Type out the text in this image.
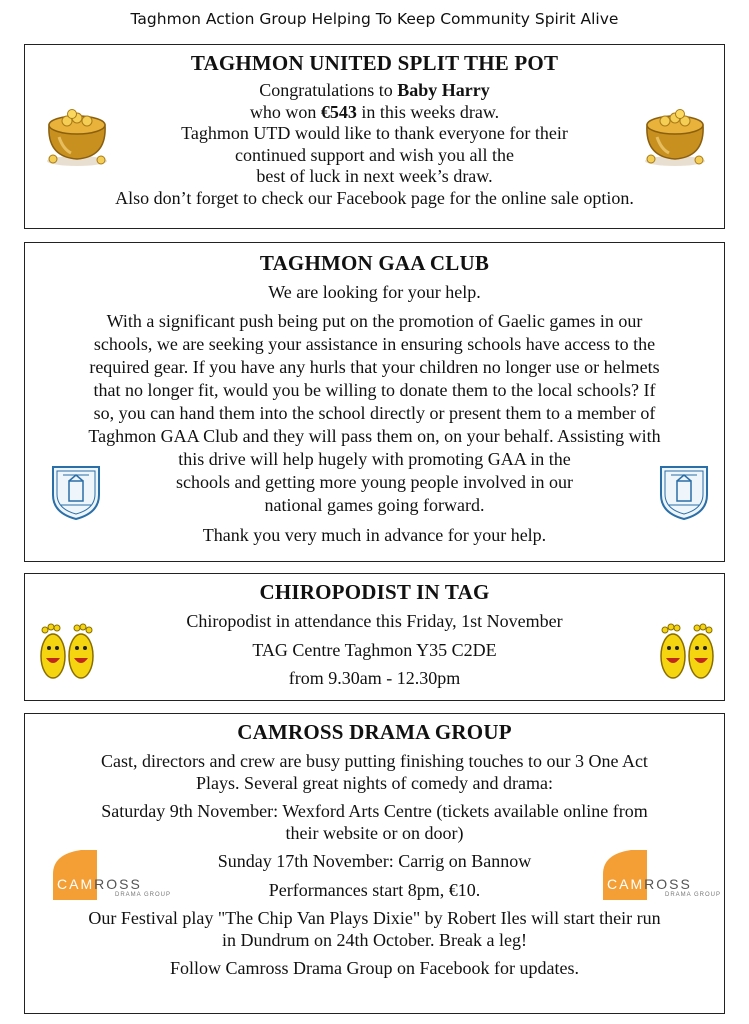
Taghmon Action Group Helping To Keep Community Spirit Alive
TAGHMON UNITED SPLIT THE POT
Congratulations to Baby Harry
who won €543 in this weeks draw.
Taghmon UTD would like to thank everyone for their
continued support and wish you all the
best of luck in next week’s draw.
Also don’t forget to check our Facebook page for the online sale option.
TAGHMON GAA CLUB
We are looking for your help.
With a significant push being put on the promotion of Gaelic games in our
schools, we are seeking your assistance in ensuring schools have access to the
required gear. If you have any hurls that your children no longer use or helmets
that no longer fit, would you be willing to donate them to the local schools? If
so, you can hand them into the school directly or present them to a member of
Taghmon GAA Club and they will pass them on, on your behalf. Assisting with
this drive will help hugely with promoting GAA in the
schools and getting more young people involved in our
national games going forward.
Thank you very much in advance for your help.
CHIROPODIST IN TAG
Chiropodist in attendance this Friday, 1st November
TAG Centre Taghmon Y35 C2DE
from 9.30am - 12.30pm
CAMROSS DRAMA GROUP
Cast, directors and crew are busy putting finishing touches to our 3 One Act
Plays. Several great nights of comedy and drama:
Saturday 9th November: Wexford Arts Centre (tickets available online from
their website or on door)
Sunday 17th November: Carrig on Bannow
Performances start 8pm, €10.
Our Festival play "The Chip Van Plays Dixie" by Robert Iles will start their run
in Dundrum on 24th October. Break a leg!
Follow Camross Drama Group on Facebook for updates.
CAMROSS
DRAMA GROUP
CAMROSS
DRAMA GROUP
